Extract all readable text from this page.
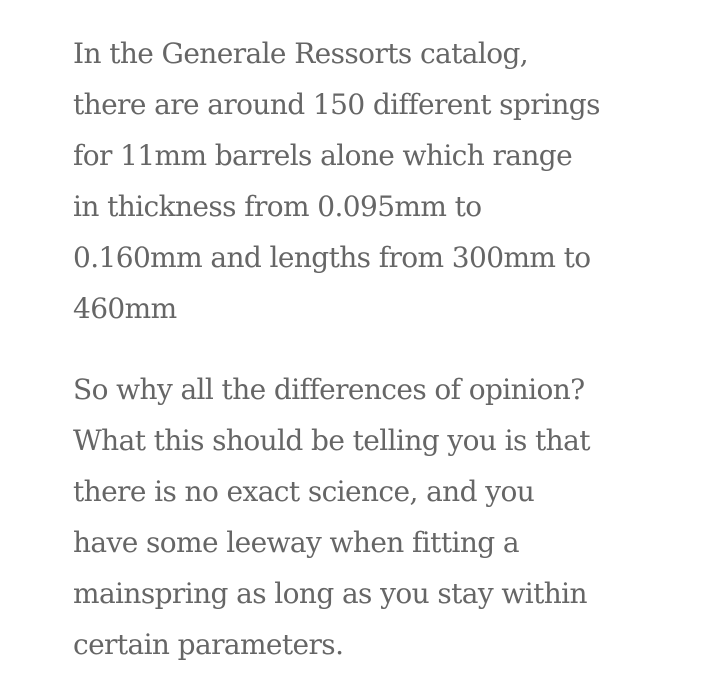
In the Generale Ressorts catalog,
there are around 150 different springs
for 11mm barrels alone which range
in thickness from 0.095mm to
0.160mm and lengths from 300mm to
460mm

So why all the differences of opinion?
What this should be telling you is that
there is no exact science, and you
have some leeway when fitting a
mainspring as long as you stay within
certain parameters.
